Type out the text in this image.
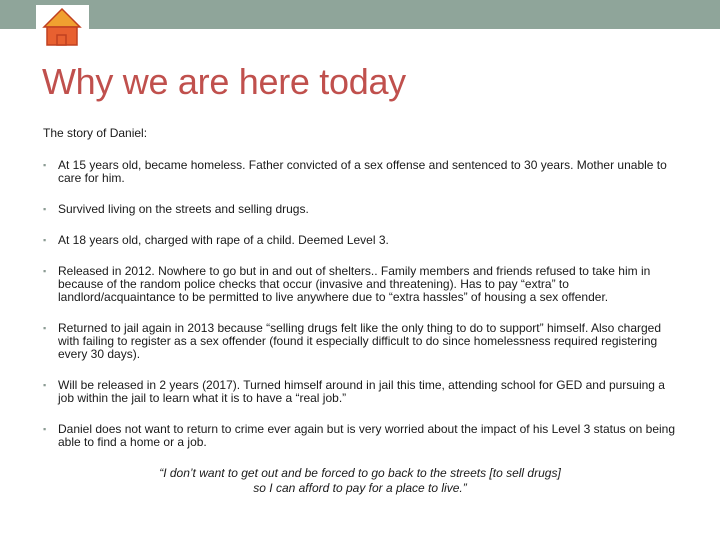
Why we are here today

The story of Daniel:

▪ At 15 years old, became homeless. Father convicted of a sex offense and sentenced to 30 years. Mother unable to care for him.
▪ Survived living on the streets and selling drugs.
▪ At 18 years old, charged with rape of a child. Deemed Level 3.
▪ Released in 2012. Nowhere to go but in and out of shelters.. Family members and friends refused to take him in because of the random police checks that occur (invasive and threatening). Has to pay “extra” to landlord/acquaintance to be permitted to live anywhere due to “extra hassles” of housing a sex offender.
▪ Returned to jail again in 2013 because “selling drugs felt like the only thing to do to support” himself. Also charged with failing to register as a sex offender (found it especially difficult to do since homelessness required registering every 30 days).
▪ Will be released in 2 years (2017). Turned himself around in jail this time, attending school for GED and pursuing a job within the jail to learn what it is to have a “real job.”
▪ Daniel does not want to return to crime ever again but is very worried about the impact of his Level 3 status on being able to find a home or a job.
“I don’t want to get out and be forced to go back to the streets [to sell drugs]
so I can afford to pay for a place to live.”
